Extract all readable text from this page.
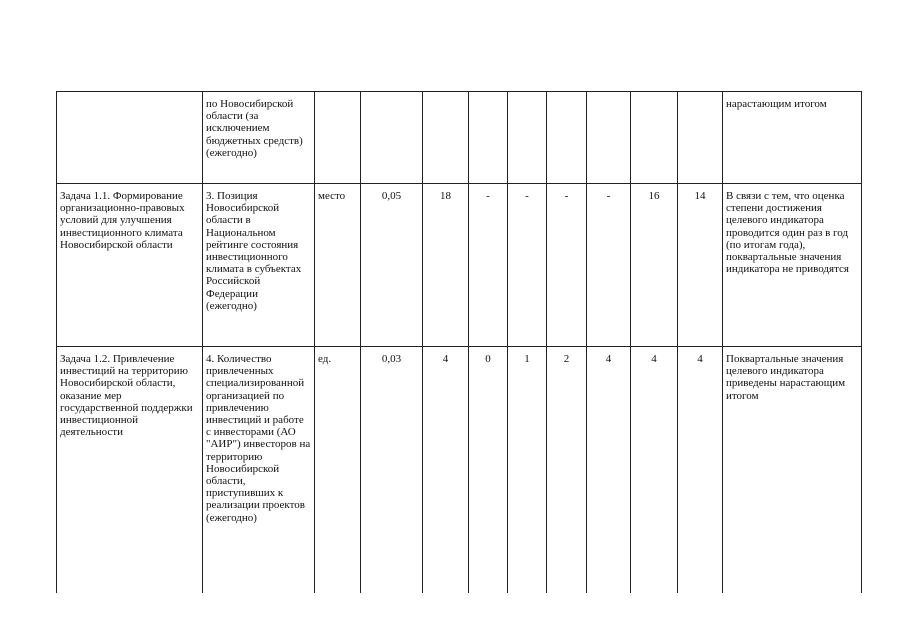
	по Новосибирской области (за исключением бюджетных средств) (ежегодно)										нарастающим итогом
Задача 1.1. Формирование организационно-правовых условий для улучшения инвестиционного климата Новосибирской области	3. Позиция Новосибирской области в Национальном рейтинге состояния инвестиционного климата в субъектах Российской Федерации (ежегодно)	место	0,05	18	-	-	-	-	16	14	В связи с тем, что оценка степени достижения целевого индикатора проводится один раз в год (по итогам года), поквартальные значения индикатора не приводятся
Задача 1.2. Привлечение инвестиций на территорию Новосибирской области, оказание мер государственной поддержки инвестиционной деятельности	4. Количество привлеченных специализированной организацией по привлечению инвестиций и работе с инвесторами (АО "АИР") инвесторов на территорию Новосибирской области, приступивших к реализации проектов (ежегодно)	ед.	0,03	4	0	1	2	4	4	4	Поквартальные значения целевого индикатора приведены нарастающим итогом
